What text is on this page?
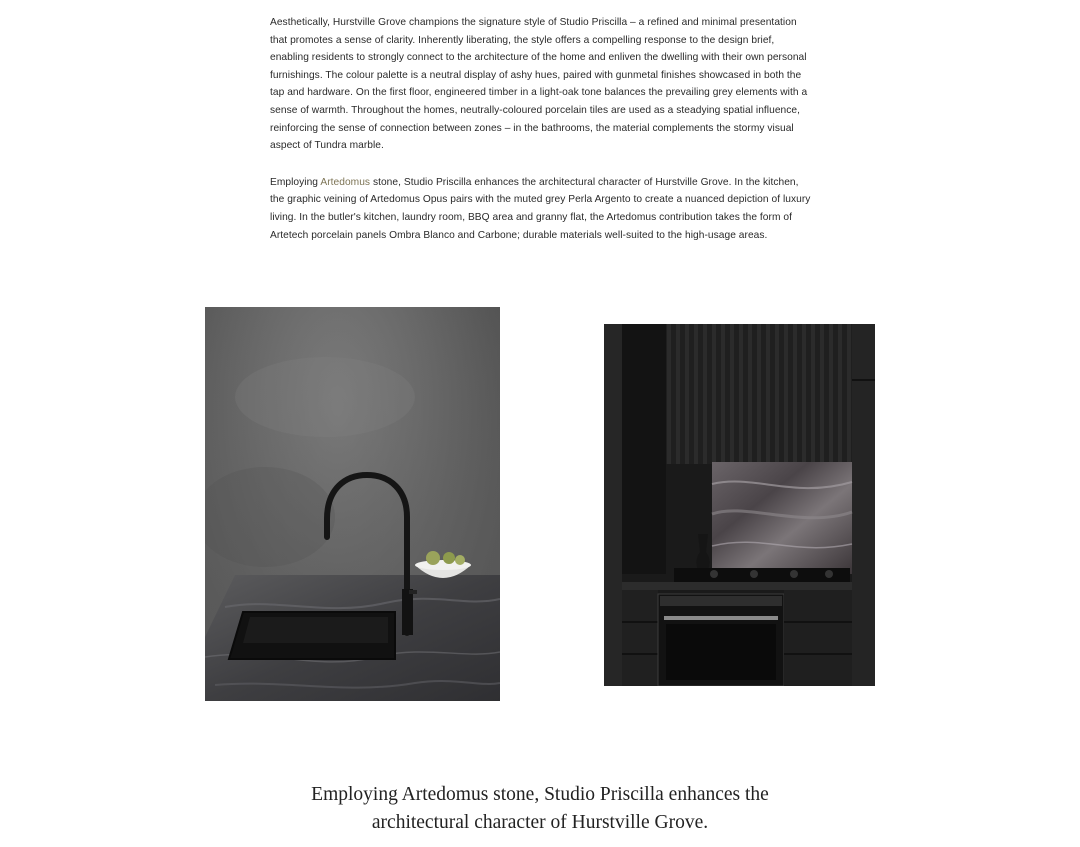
Aesthetically, Hurstville Grove champions the signature style of Studio Priscilla – a refined and minimal presentation that promotes a sense of clarity. Inherently liberating, the style offers a compelling response to the design brief, enabling residents to strongly connect to the architecture of the home and enliven the dwelling with their own personal furnishings. The colour palette is a neutral display of ashy hues, paired with gunmetal finishes showcased in both the tap and hardware. On the first floor, engineered timber in a light-oak tone balances the prevailing grey elements with a sense of warmth. Throughout the homes, neutrally-coloured porcelain tiles are used as a steadying spatial influence, reinforcing the sense of connection between zones – in the bathrooms, the material complements the stormy visual aspect of Tundra marble.

Employing Artedomus stone, Studio Priscilla enhances the architectural character of Hurstville Grove. In the kitchen, the graphic veining of Artedomus Opus pairs with the muted grey Perla Argento to create a nuanced depiction of luxury living. In the butler's kitchen, laundry room, BBQ area and granny flat, the Artedomus contribution takes the form of Artetech porcelain panels Ombra Blanco and Carbone; durable materials well-suited to the high-usage areas.

Employing Artedomus stone, Studio Priscilla enhances the
architectural character of Hurstville Grove.
